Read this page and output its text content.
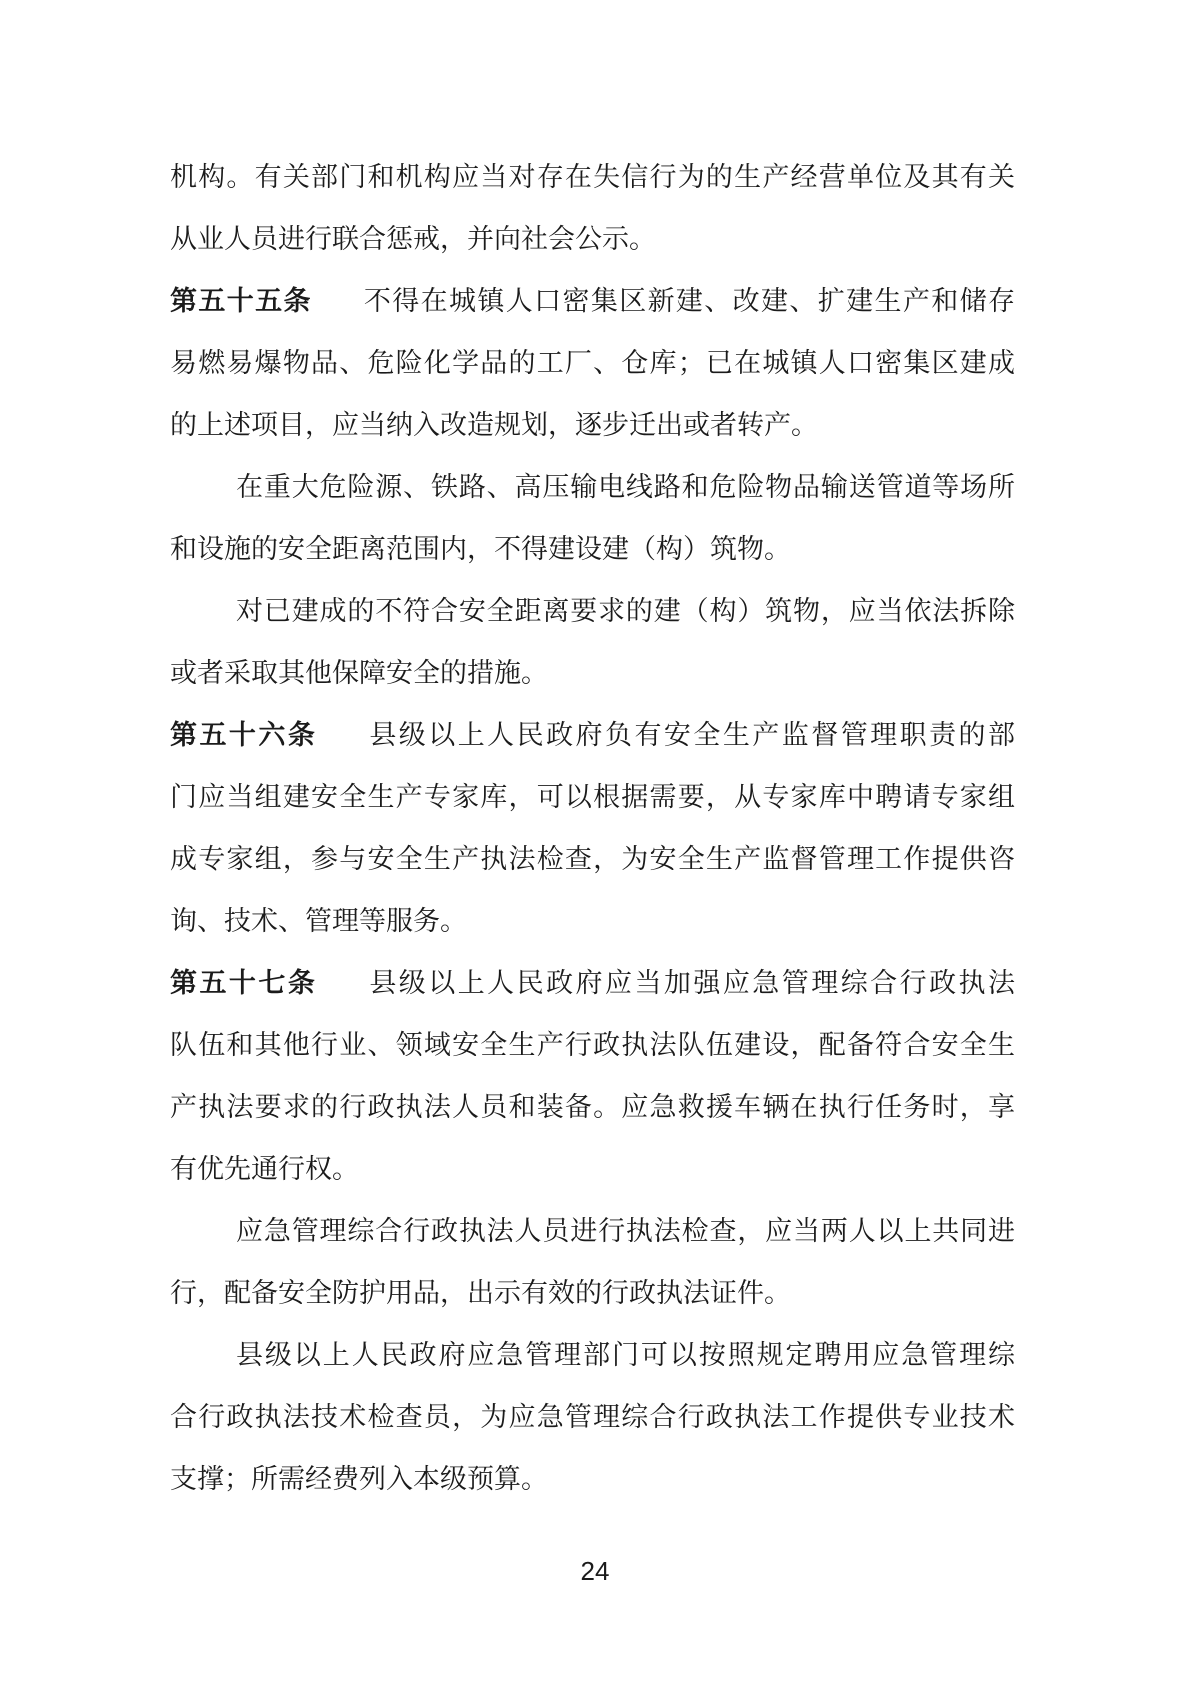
机构。有关部门和机构应当对存在失信行为的生产经营单位及其有关
从业人员进行联合惩戒，并向社会公示。
第五十五条 不得在城镇人口密集区新建、改建、扩建生产和储存
易燃易爆物品、危险化学品的工厂、仓库；已在城镇人口密集区建成
的上述项目，应当纳入改造规划，逐步迁出或者转产。
在重大危险源、铁路、高压输电线路和危险物品输送管道等场所
和设施的安全距离范围内，不得建设建（构）筑物。
对已建成的不符合安全距离要求的建（构）筑物，应当依法拆除
或者采取其他保障安全的措施。
第五十六条 县级以上人民政府负有安全生产监督管理职责的部
门应当组建安全生产专家库，可以根据需要，从专家库中聘请专家组
成专家组，参与安全生产执法检查，为安全生产监督管理工作提供咨
询、技术、管理等服务。
第五十七条 县级以上人民政府应当加强应急管理综合行政执法
队伍和其他行业、领域安全生产行政执法队伍建设，配备符合安全生
产执法要求的行政执法人员和装备。应急救援车辆在执行任务时，享
有优先通行权。
应急管理综合行政执法人员进行执法检查，应当两人以上共同进
行，配备安全防护用品，出示有效的行政执法证件。
县级以上人民政府应急管理部门可以按照规定聘用应急管理综
合行政执法技术检查员，为应急管理综合行政执法工作提供专业技术
支撑；所需经费列入本级预算。
24
